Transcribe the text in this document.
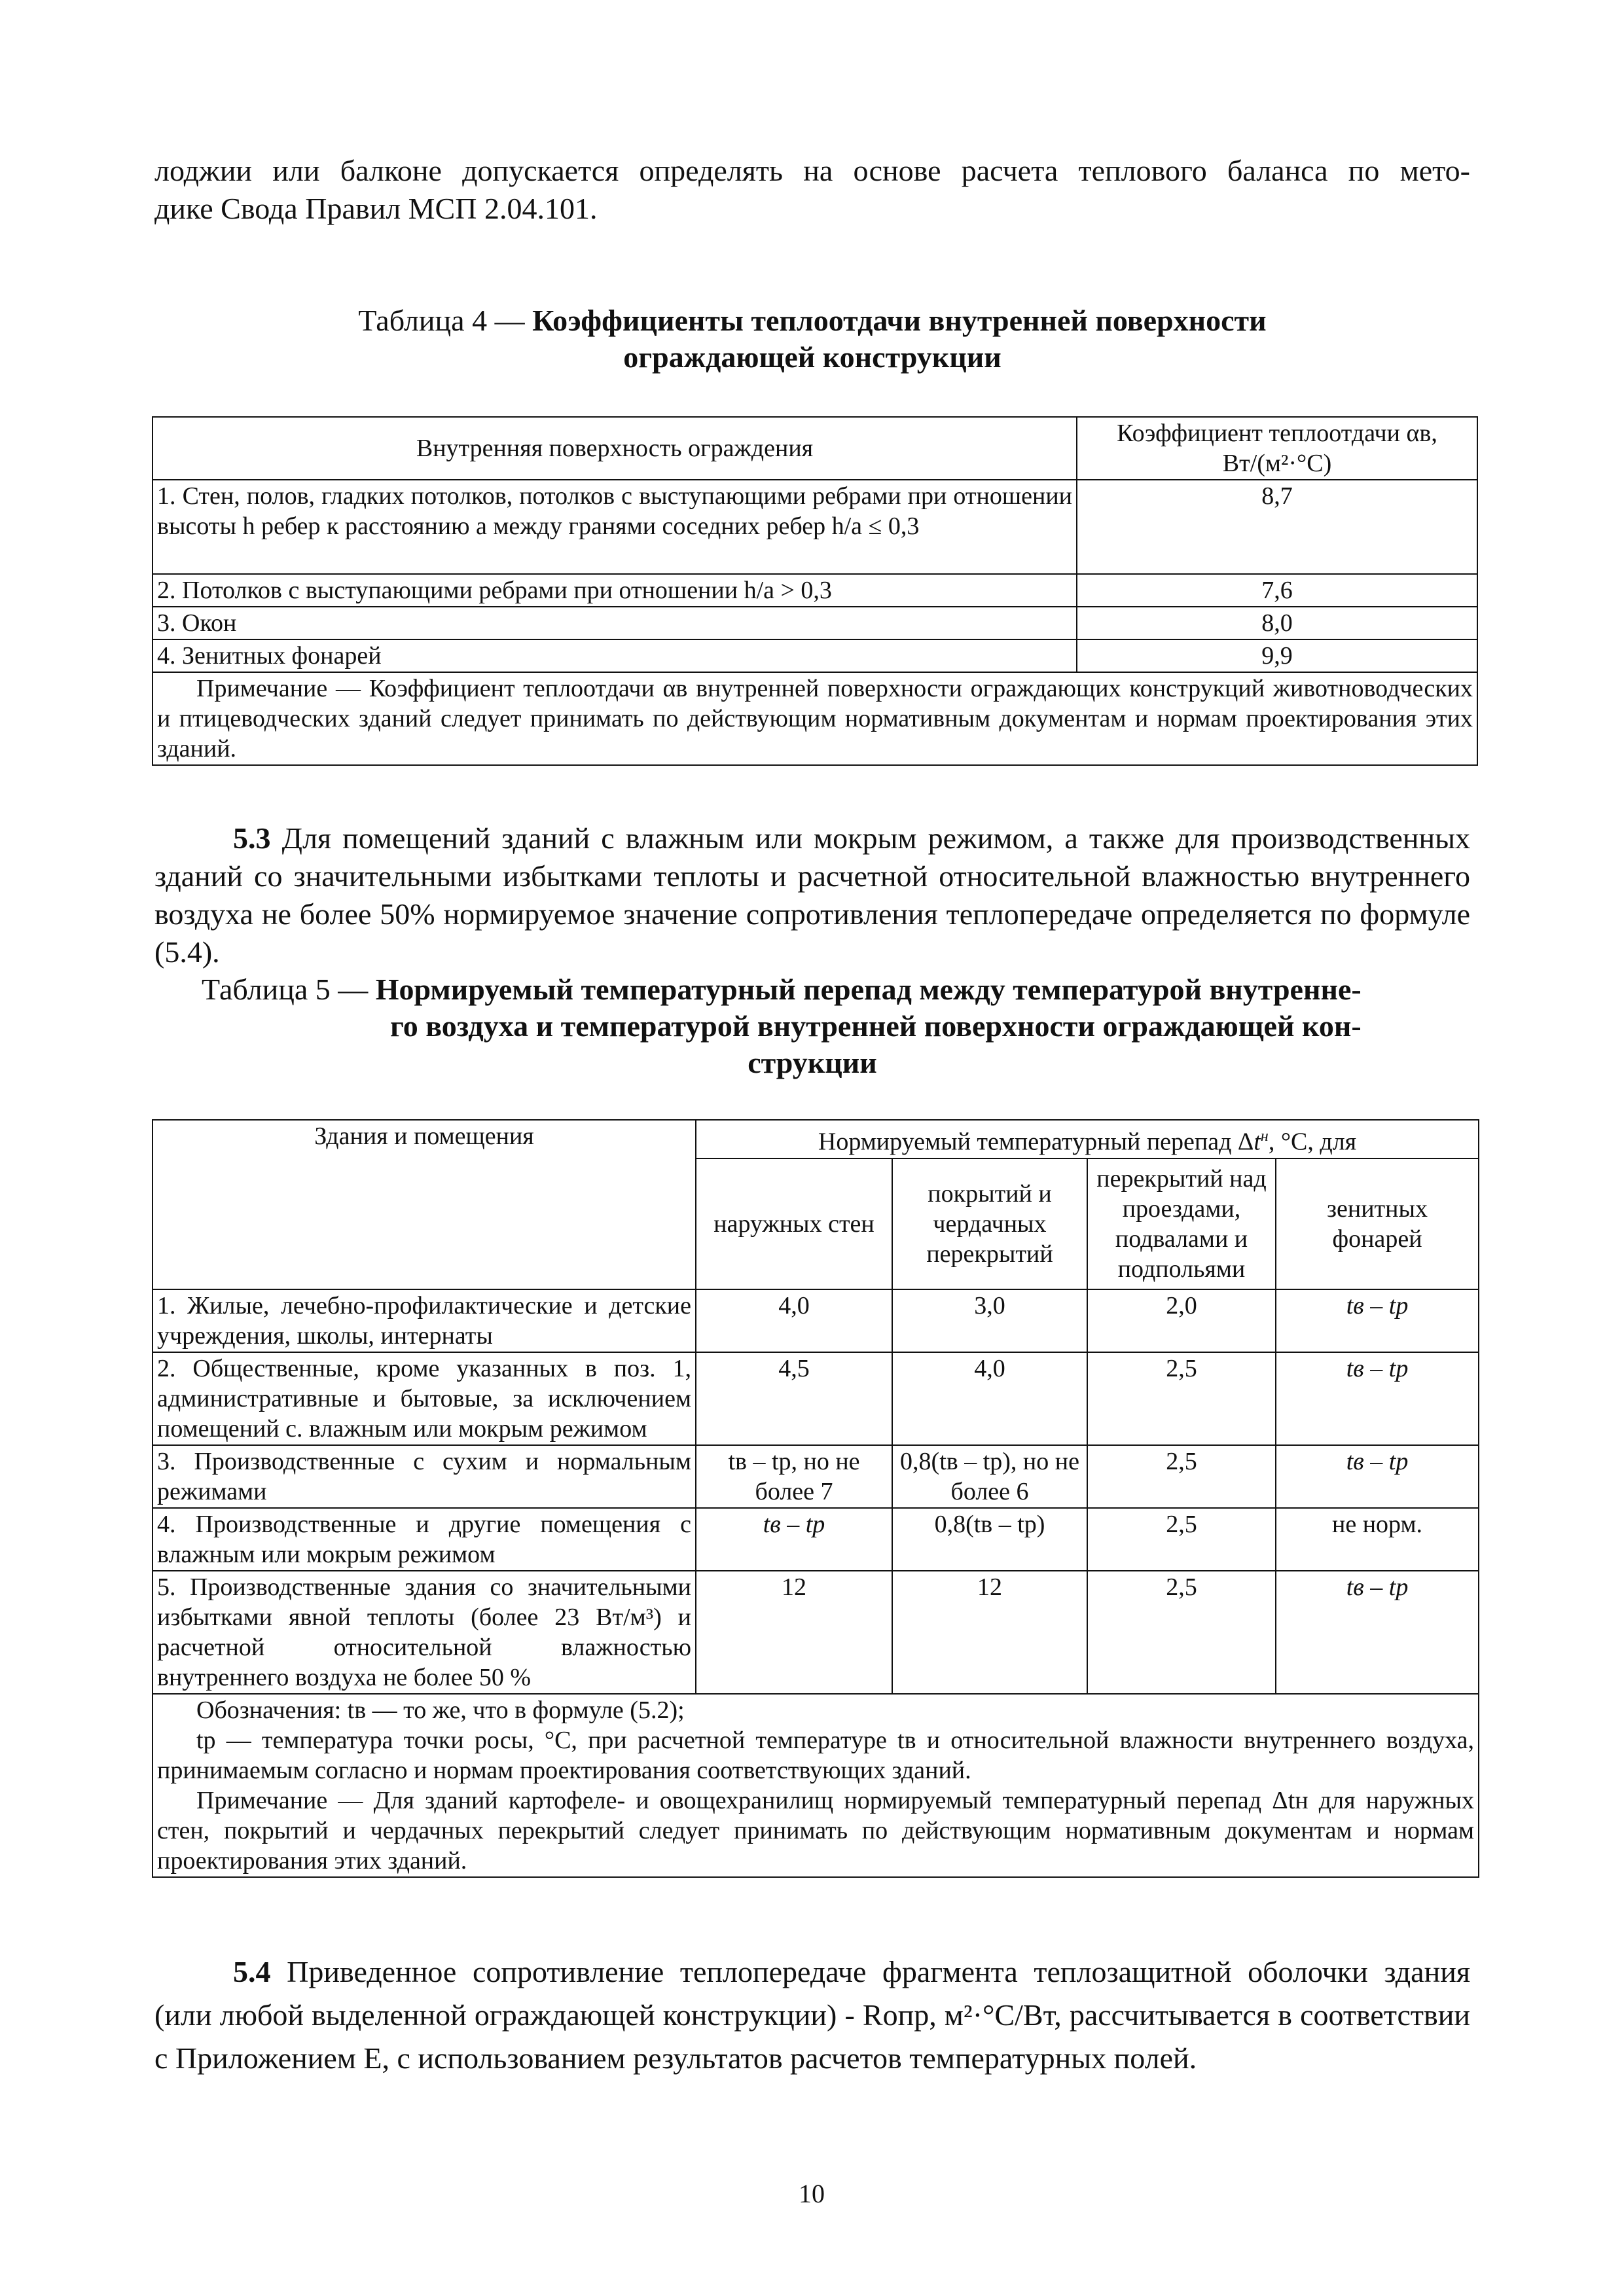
лоджии или балконе допускается определять на основе расчета теплового баланса по мето-
дике Свода Правил МСП 2.04.101.
Таблица 4 — Коэффициенты теплоотдачи внутренней поверхности
ограждающей конструкции
Внутренняя поверхность ограждения	Коэффициент теплоотдачи αв,
Вт/(м²·°С)

1. Стен, полов, гладких потолков, потолков с выступающими ребрами при отношении высоты h ребер к расстоянию a между гранями соседних ребер h/a ≤ 0,3	8,7
2. Потолков с выступающими ребрами при отношении h/a > 0,3	7,6
3. Окон	8,0
4. Зенитных фонарей	9,9

Примечание — Коэффициент теплоотдачи αв внутренней поверхности ограждающих конструкций животноводческих и птицеводческих зданий следует принимать по действующим нормативным документам и нормам проектирования этих зданий.	
5.3 Для помещений зданий с влажным или мокрым режимом, а также для производственных зданий со значительными избытками теплоты и расчетной относительной влажностью внутреннего воздуха не более 50% нормируемое значение сопротивления теплопередаче определяется по формуле (5.4).
Таблица 5 — Нормируемый температурный перепад между температурой внутренне-
го воздуха и температурой внутренней поверхности ограждающей кон-
струкции
Здания и помещения	Нормируемый температурный перепад $\Delta t^н$, °С, для			
	наружных стен	покрытий и чердачных перекрытий	перекрытий над проездами, подвалами и подпольями	зенитных фонарей
1. Жилые, лечебно-профилактические и детские учреждения, школы, интернаты	4,0	3,0	2,0	tв – tр
2. Общественные, кроме указанных в поз. 1, административные и бытовые, за исключением помещений с. влажным или мокрым режимом	4,5	4,0	2,5	tв – tр
3. Производственные с сухим и нормальным режимами	tв – tр, но не более 7	0,8(tв – tр), но не более 6	2,5	tв – tр
4. Производственные и другие помещения с влажным или мокрым режимом	tв – tр	0,8(tв – tр)	2,5	не норм.
5. Производственные здания со значительными избытками явной теплоты (более 23 Вт/м³) и расчетной относительной влажностью внутреннего воздуха не более 50 %	12	12	2,5	tв – tр

Обозначения: tв — то же, что в формуле (5.2);
tр — температура точки росы, °С, при расчетной температуре tв и относительной влажности внутреннего воздуха, принимаемым согласно и нормам проектирования соответствующих зданий.
Примечание — Для зданий картофеле- и овощехранилищ нормируемый температурный перепад Δtн для наружных стен, покрытий и чердачных перекрытий следует принимать по действующим нормативным документам и нормам проектирования этих зданий.				
5.4 Приведенное сопротивление теплопередаче фрагмента теплозащитной оболочки здания (или любой выделенной ограждающей конструкции) - Rопр, м²·°С/Вт, рассчитывается в соответствии с Приложением Е, с использованием результатов расчетов температурных полей.
10
